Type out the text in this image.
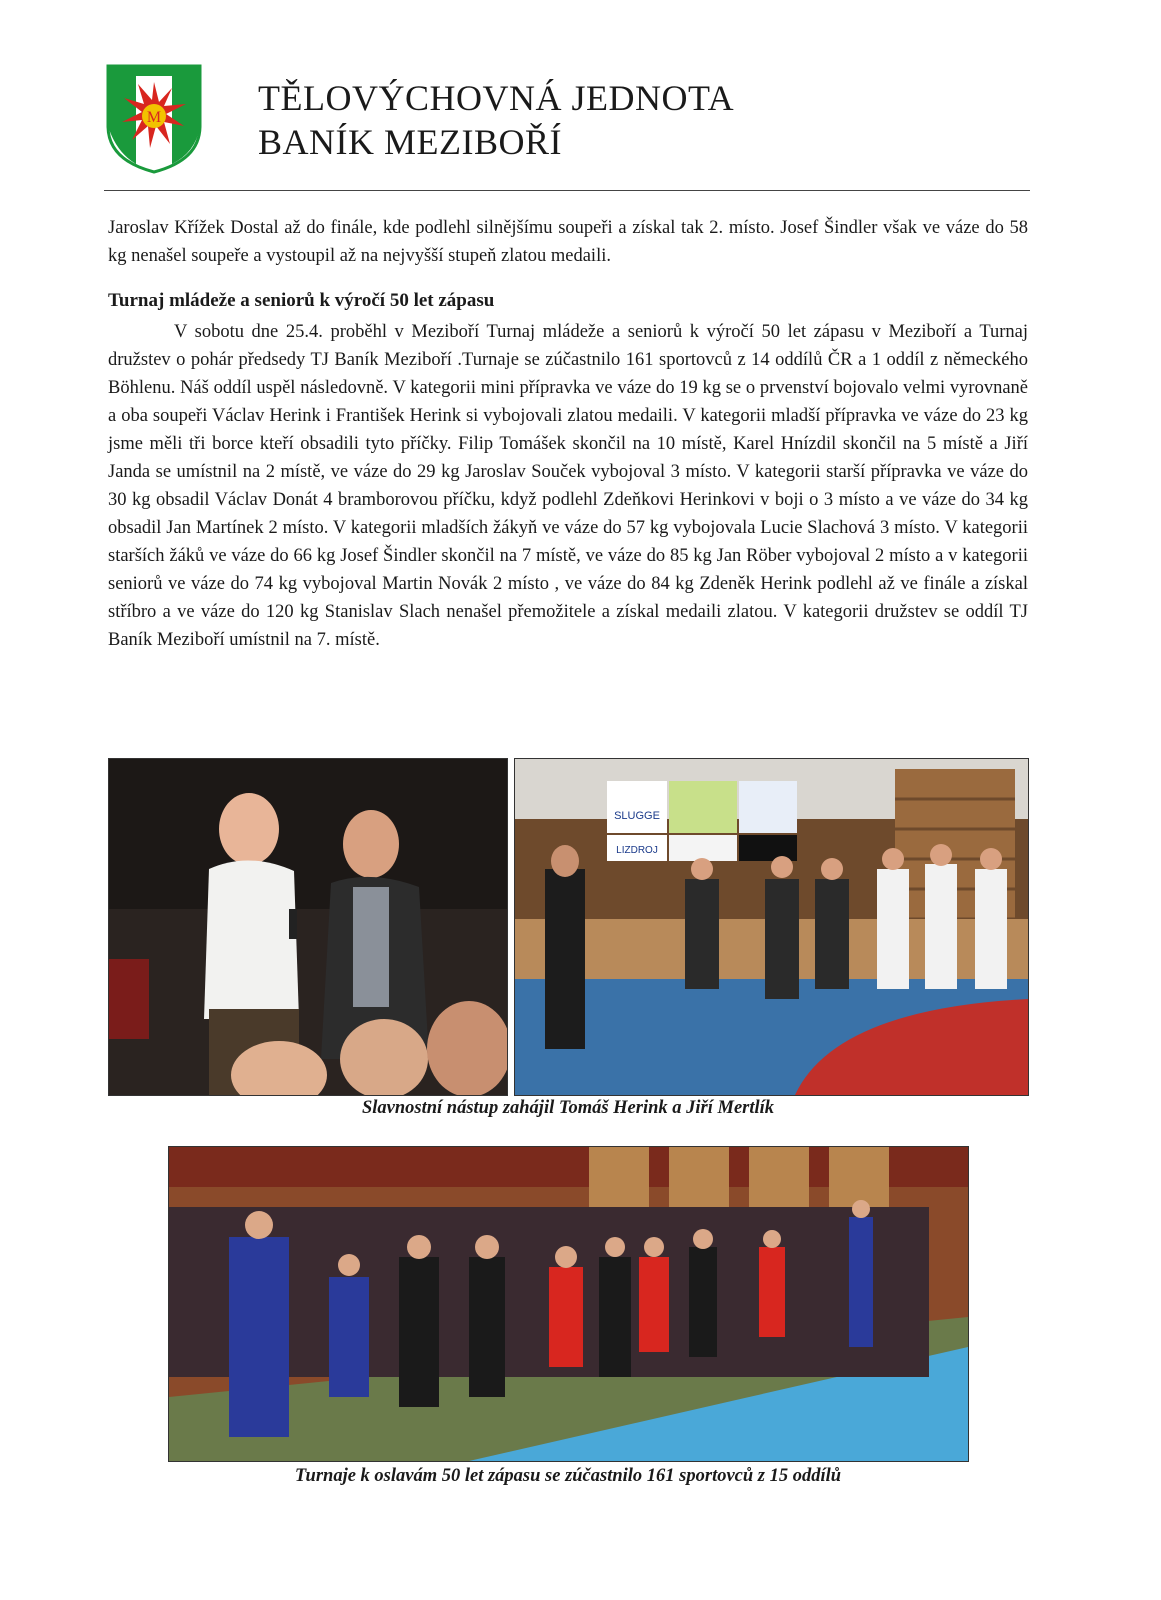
M	TĚLOVÝCHOVNÁ JEDNOTA
BANÍK MEZIBOŘÍ
Jaroslav Křížek Dostal až do finále, kde podlehl silnějšímu soupeři a získal tak 2. místo. Josef Šindler však ve váze do 58 kg nenašel soupeře a vystoupil až na nejvyšší stupeň zlatou medaili.
Turnaj mládeže a seniorů k výročí 50 let zápasu
V sobotu dne 25.4. proběhl v Meziboří Turnaj mládeže a seniorů k výročí 50 let zápasu v Meziboří a Turnaj družstev o pohár předsedy TJ Baník Meziboří .Turnaje se zúčastnilo 161 sportovců z 14 oddílů ČR a 1 oddíl z německého Böhlenu. Náš oddíl uspěl následovně. V kategorii mini přípravka ve váze do 19 kg se o prvenství bojovalo velmi vyrovnaně a oba soupeři Václav Herink i František Herink si vybojovali zlatou medaili. V kategorii mladší přípravka ve váze do 23 kg jsme měli tři borce kteří obsadili tyto příčky. Filip Tomášek skončil na 10 místě, Karel Hnízdil skončil na 5 místě a Jiří Janda se umístnil na 2 místě, ve váze do 29 kg Jaroslav Souček vybojoval 3 místo. V kategorii starší přípravka ve váze do 30 kg obsadil Václav Donát 4 bramborovou příčku, když podlehl Zdeňkovi Herinkovi v boji o 3 místo a ve váze do 34 kg obsadil Jan Martínek 2 místo. V kategorii mladších žákyň ve váze do 57 kg vybojovala Lucie Slachová 3 místo. V kategorii starších žáků ve váze do 66 kg Josef Šindler skončil na 7 místě, ve váze do 85 kg Jan Röber vybojoval 2 místo a v kategorii seniorů ve váze do 74 kg vybojoval Martin Novák 2 místo , ve váze do 84 kg Zdeněk Herink podlehl až ve finále a získal stříbro a ve váze do 120 kg Stanislav Slach nenašel přemožitele a získal medaili zlatou. V kategorii družstev se oddíl TJ Baník Meziboří umístnil na 7. místě.
SLUGGE
LIZDROJ
Slavnostní nástup zahájil Tomáš Herink a Jiří Mertlík
Turnaje k oslavám 50 let zápasu se zúčastnilo 161 sportovců z 15 oddílů
